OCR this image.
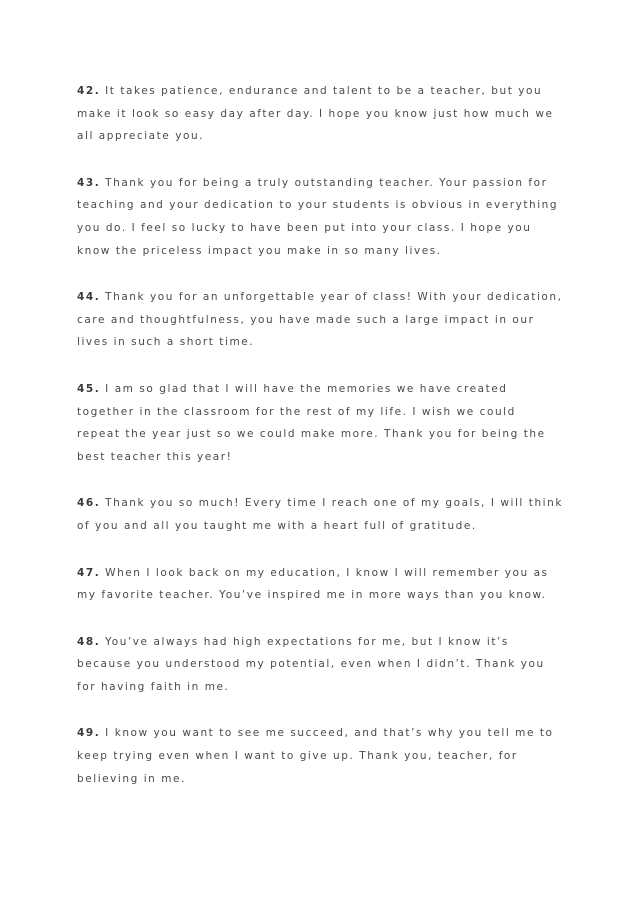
42. It takes patience, endurance and talent to be a teacher, but you make it look so easy day after day. I hope you know just how much we all appreciate you.

43. Thank you for being a truly outstanding teacher. Your passion for teaching and your dedication to your students is obvious in everything you do. I feel so lucky to have been put into your class. I hope you know the priceless impact you make in so many lives.

44. Thank you for an unforgettable year of class! With your dedication, care and thoughtfulness, you have made such a large impact in our lives in such a short time.

45. I am so glad that I will have the memories we have created together in the classroom for the rest of my life. I wish we could repeat the year just so we could make more. Thank you for being the best teacher this year!

46. Thank you so much! Every time I reach one of my goals, I will think of you and all you taught me with a heart full of gratitude.

47. When I look back on my education, I know I will remember you as my favorite teacher. You’ve inspired me in more ways than you know.

48. You’ve always had high expectations for me, but I know it’s because you understood my potential, even when I didn’t. Thank you for having faith in me.

49. I know you want to see me succeed, and that’s why you tell me to keep trying even when I want to give up. Thank you, teacher, for believing in me.
